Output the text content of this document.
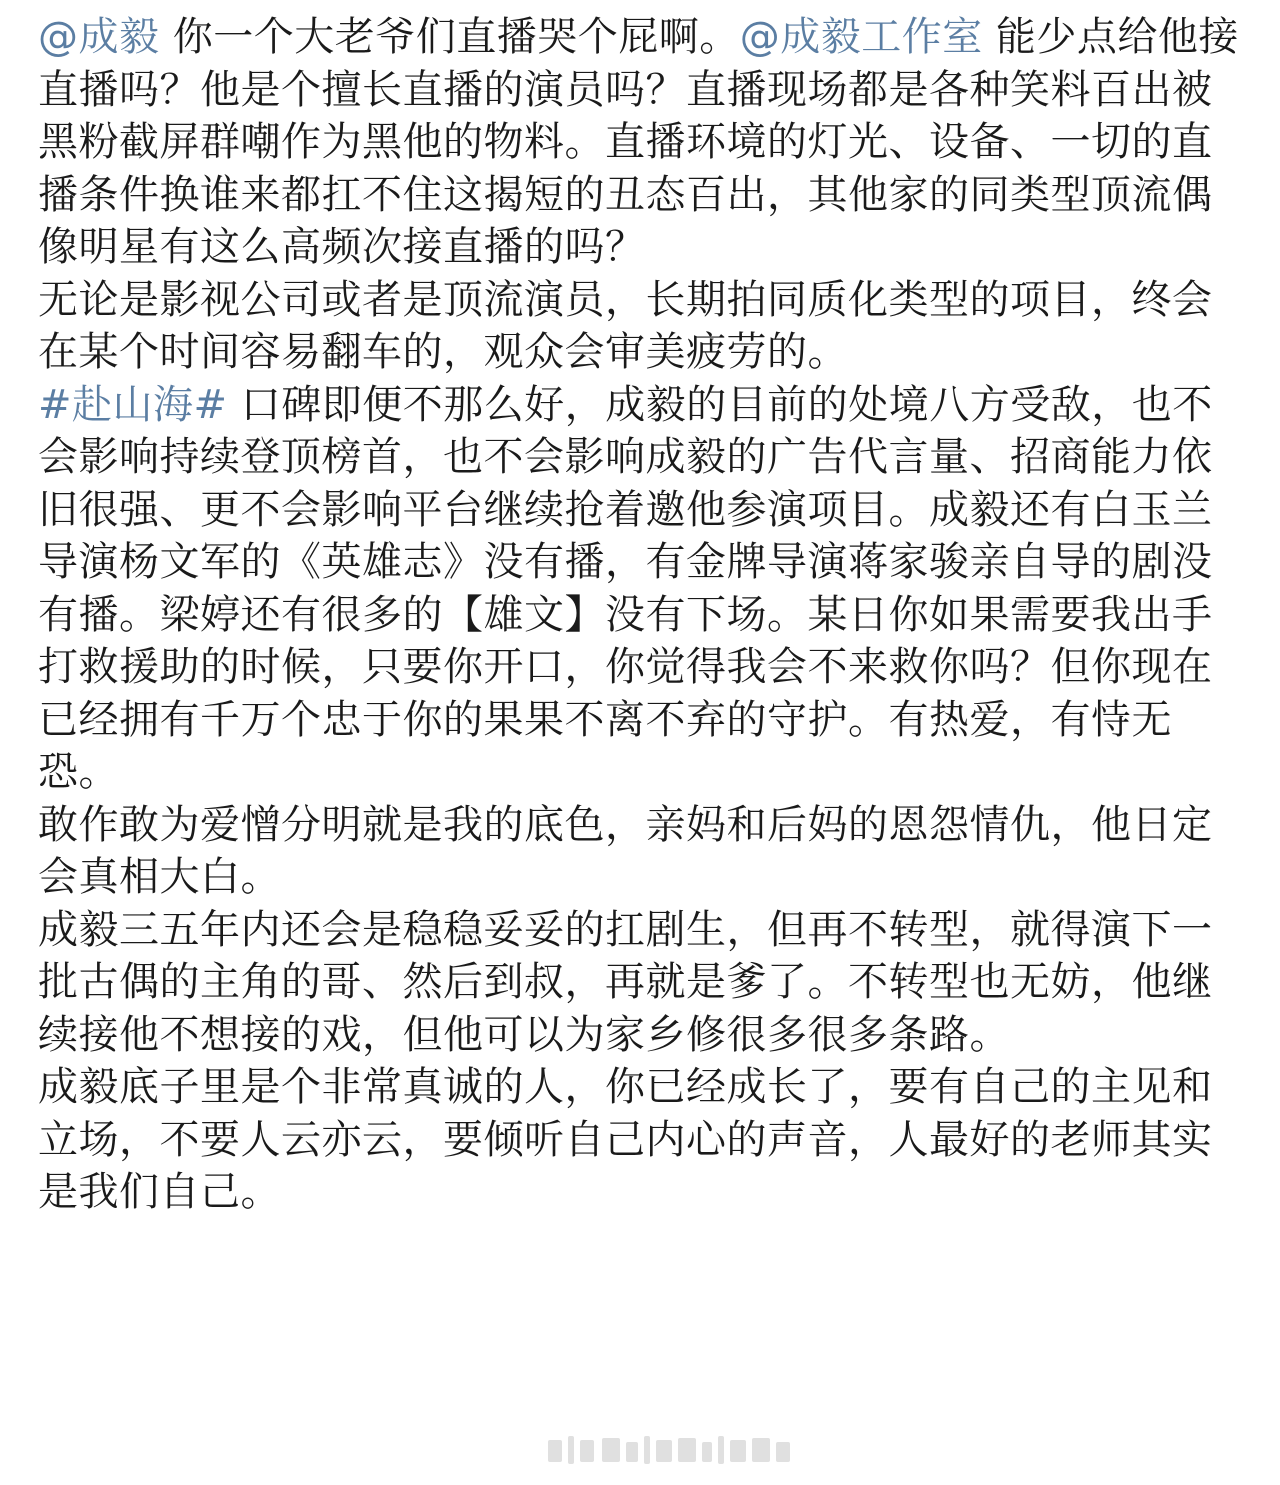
@成毅 你一个大老爷们直播哭个屁啊。@成毅工作室 能少点给他接直播吗？他是个擅长直播的演员吗？直播现场都是各种笑料百出被黑粉截屏群嘲作为黑他的物料。直播环境的灯光、设备、一切的直播条件换谁来都扛不住这揭短的丑态百出，其他家的同类型顶流偶像明星有这么高频次接直播的吗？

无论是影视公司或者是顶流演员，长期拍同质化类型的项目，终会在某个时间容易翻车的，观众会审美疲劳的。

#赴山海# 口碑即便不那么好，成毅的目前的处境八方受敌，也不会影响持续登顶榜首，也不会影响成毅的广告代言量、招商能力依旧很强、更不会影响平台继续抢着邀他参演项目。成毅还有白玉兰导演杨文军的《英雄志》没有播，有金牌导演蒋家骏亲自导的剧没有播。梁婷还有很多的【雄文】没有下场。某日你如果需要我出手打救援助的时候，只要你开口，你觉得我会不来救你吗？但你现在已经拥有千万个忠于你的果果不离不弃的守护。有热爱，有恃无恐。

敢作敢为爱憎分明就是我的底色，亲妈和后妈的恩怨情仇，他日定会真相大白。

成毅三五年内还会是稳稳妥妥的扛剧生，但再不转型，就得演下一批古偶的主角的哥、然后到叔，再就是爹了。不转型也无妨，他继续接他不想接的戏，但他可以为家乡修很多很多条路。

成毅底子里是个非常真诚的人，你已经成长了，要有自己的主见和立场，不要人云亦云，要倾听自己内心的声音，人最好的老师其实是我们自己。
